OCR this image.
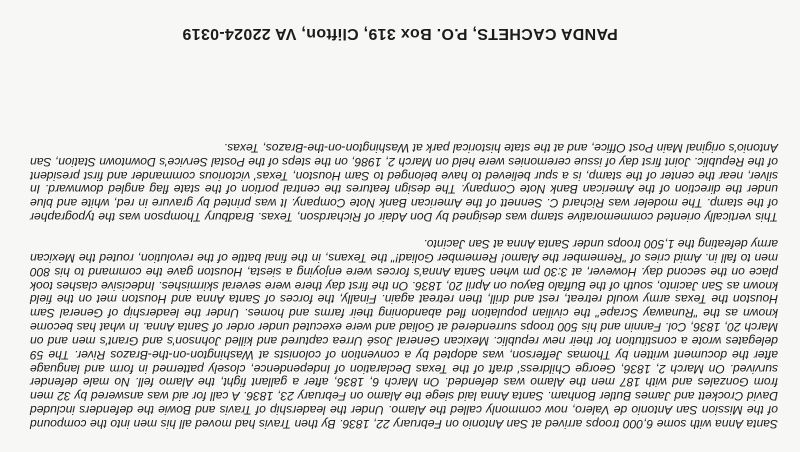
Santa Anna with some 6,000 troops arrived at San Antonio on February 22, 1836. By then Travis had moved all his men into the compound of the Mission San Antonio de Valero, now commonly called the Alamo. Under the leadership of Travis and Bowie the defenders included David Crockett and James Butler Bonham. Santa Anna laid siege the Alamo on February 23, 1836. A call for aid was answered by 32 men from Gonzales and with 187 men the Alamo was defended. On March 6, 1836, after a gallant fight, the Alamo fell. No male defender survived. On March 2, 1836, George Childress' draft of the Texas Declaration of Independence, closely patterned in form and language after the document written by Thomas Jefferson, was adopted by a convention of colonists at Washington-on-the-Brazos River. The 59 delegates wrote a constitution for their new republic. Mexican General José Urrea captured and killed Johnson's and Grant's men and on March 20, 1836, Col. Fannin and his 500 troops surrendered at Goliad and were executed under order of Santa Anna. In what has become known as the "Runaway Scrape" the civilian population fled abandoning their farms and homes. Under the leadership of General Sam Houston the Texas army would retreat, rest and drill, then retreat again. Finally, the forces of Santa Anna and Houston met on the field known as San Jacinto, south of the Buffalo Bayou on April 20, 1836. On the first day there were several skirmishes. Indecisive clashes took place on the second day. However, at 3:30 pm when Santa Anna's forces were enjoying a siesta, Houston gave the command to his 800 men to fall in. Amid cries of "Remember the Alamo! Remember Goliad!" the Texans, in the final battle of the revolution, routed the Mexican army defeating the 1,500 troops under Santa Anna at San Jacinto.

This vertically oriented commemorative stamp was designed by Don Adair of Richardson, Texas. Bradbury Thompson was the typographer of the stamp. The modeler was Richard C. Sennett of the American Bank Note Company. It was printed by gravure in red, white and blue under the direction of the American Bank Note Company. The design features the central portion of the state flag angled downward. In silver, near the center of the stamp, is a spur believed to have belonged to Sam Houston, Texas' victorious commander and first president of the Republic. Joint first day of issue ceremonies were held on March 2, 1986, on the steps of the Postal Service's Downtown Station, San Antonio's original Main Post Office, and at the state historical park at Washington-on-the-Brazos, Texas.

PANDA CACHETS, P.O. Box 319, Clifton, VA 22024-0319
